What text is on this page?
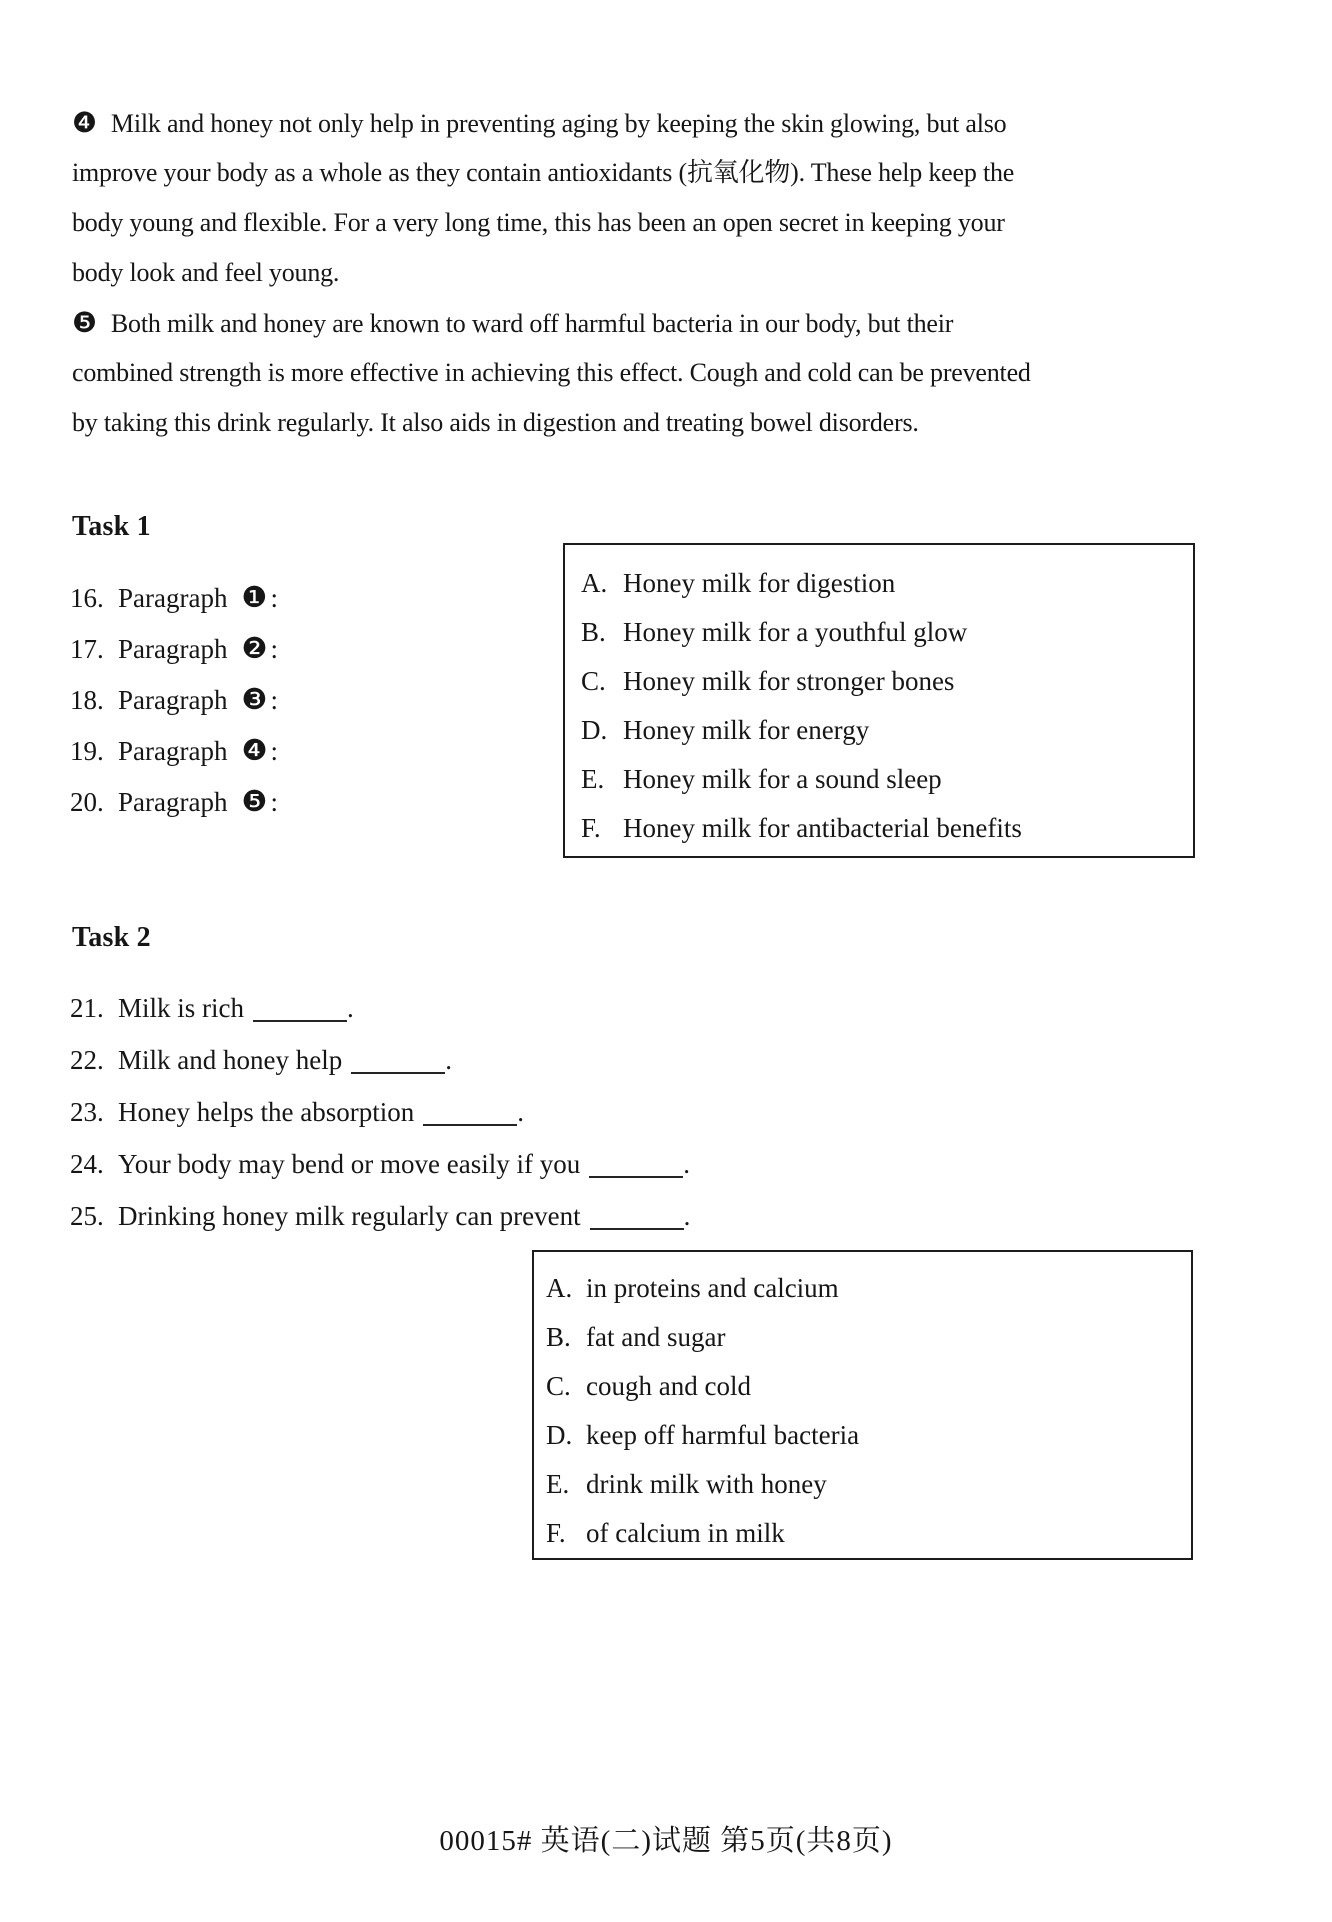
❹ Milk and honey not only help in preventing aging by keeping the skin glowing, but also
improve your body as a whole as they contain antioxidants (抗氧化物). These help keep the
body young and flexible. For a very long time, this has been an open secret in keeping your
body look and feel young.
❺ Both milk and honey are known to ward off harmful bacteria in our body, but their
combined strength is more effective in achieving this effect. Cough and cold can be prevented
by taking this drink regularly. It also aids in digestion and treating bowel disorders.
Task 1
16. Paragraph ❶ :
17. Paragraph ❷ :
18. Paragraph ❸ :
19. Paragraph ❹ :
20. Paragraph ❺ :
A. Honey milk for digestion
B. Honey milk for a youthful glow
C. Honey milk for stronger bones
D. Honey milk for energy
E. Honey milk for a sound sleep
F. Honey milk for antibacterial benefits
Task 2
21. Milk is rich	.
22. Milk and honey help	.
23. Honey helps the absorption	.
24. Your body may bend or move easily if you	.
25. Drinking honey milk regularly can prevent	.
A. in proteins and calcium
B. fat and sugar
C. cough and cold
D. keep off harmful bacteria
E. drink milk with honey
F. of calcium in milk
00015# 英语(二)试题 第5页(共8页)
